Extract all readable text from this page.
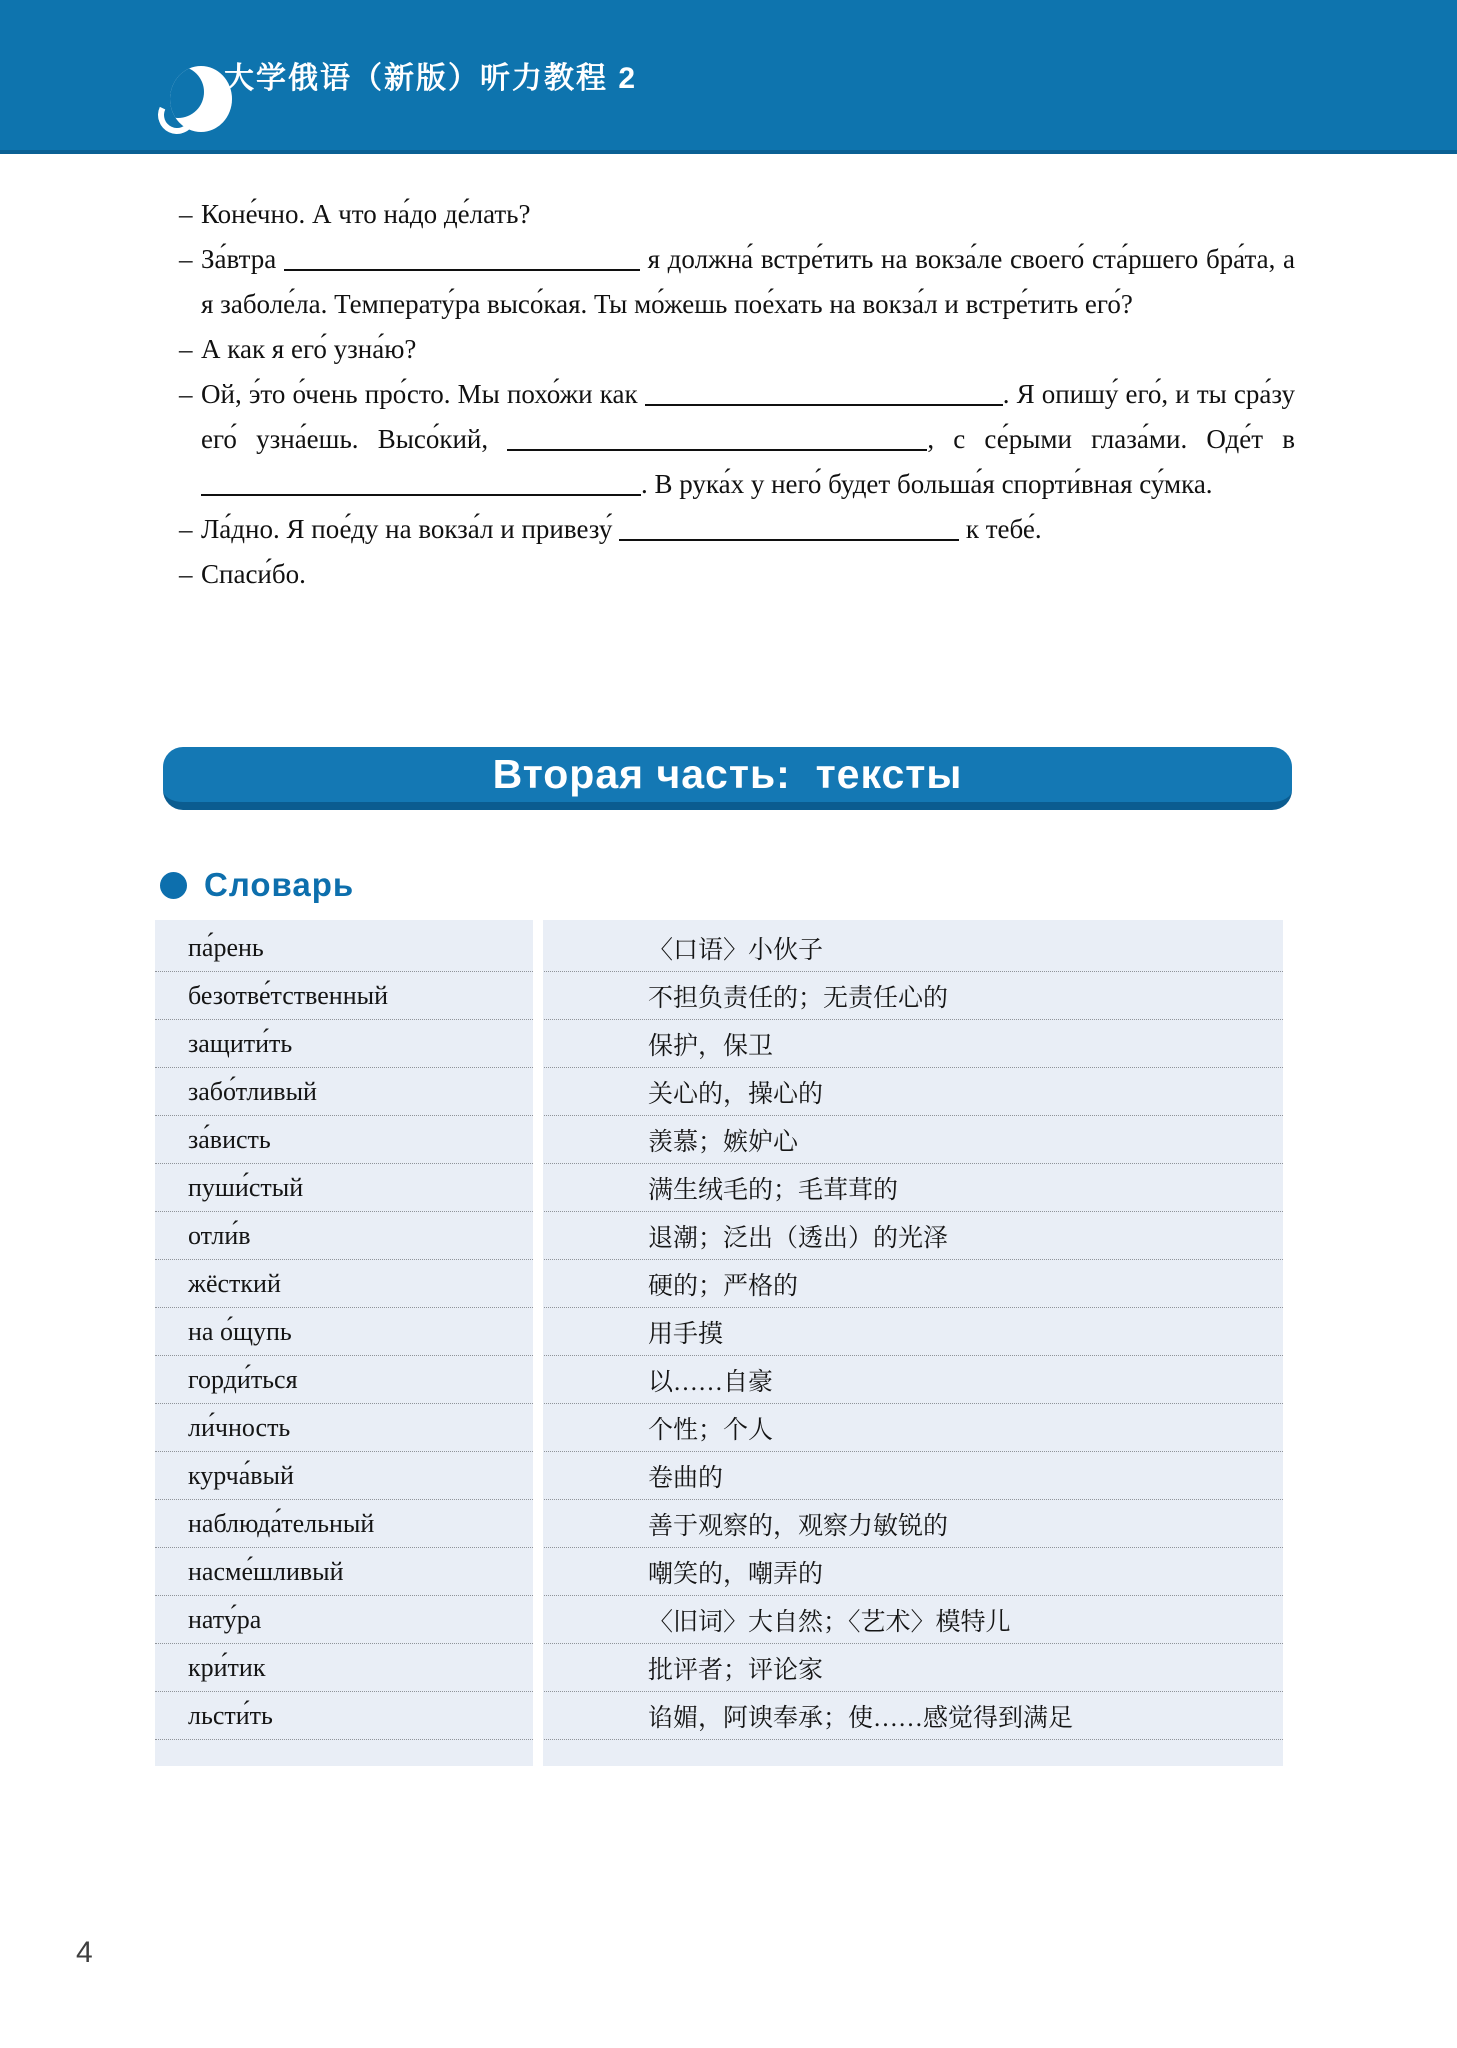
大学俄语（新版）听力教程 2

– Коне́чно. А что на́до де́лать?

– За́втра	я должна́ встре́тить на вокза́ле своего́ ста́ршего бра́та, а я заболе́ла. Температу́ра высо́кая. Ты мо́жешь пое́хать на вокза́л и встре́тить его́?

– А как я его́ узна́ю?

– Ой, э́то о́чень про́сто. Мы похо́жи как	. Я опишу́ его́, и ты сра́зу его́ узна́ешь. Высо́кий,	, с се́рыми глаза́ми. Оде́т в . В рука́х у него́ будет больша́я спорти́вная су́мка.

– Ла́дно. Я пое́ду на вокза́л и привезу́	к тебе́.

– Спаси́бо.

Вторая часть:  тексты
Словарь
па́рень	〈口语〉小伙子
безотве́тственный	不担负责任的；无责任心的
защити́ть	保护，保卫
забо́тливый	关心的，操心的
за́висть	羡慕；嫉妒心
пуши́стый	满生绒毛的；毛茸茸的
отли́в	退潮；泛出（透出）的光泽
жёсткий	硬的；严格的
на о́щупь	用手摸
горди́ться	以……自豪
ли́чность	个性；个人
курча́вый	卷曲的
наблюда́тельный	善于观察的，观察力敏锐的
насме́шливый	嘲笑的，嘲弄的
нату́ра	〈旧词〉大自然；〈艺术〉模特儿
кри́тик	批评者；评论家
льсти́ть	谄媚，阿谀奉承；使……感觉得到满足
4
